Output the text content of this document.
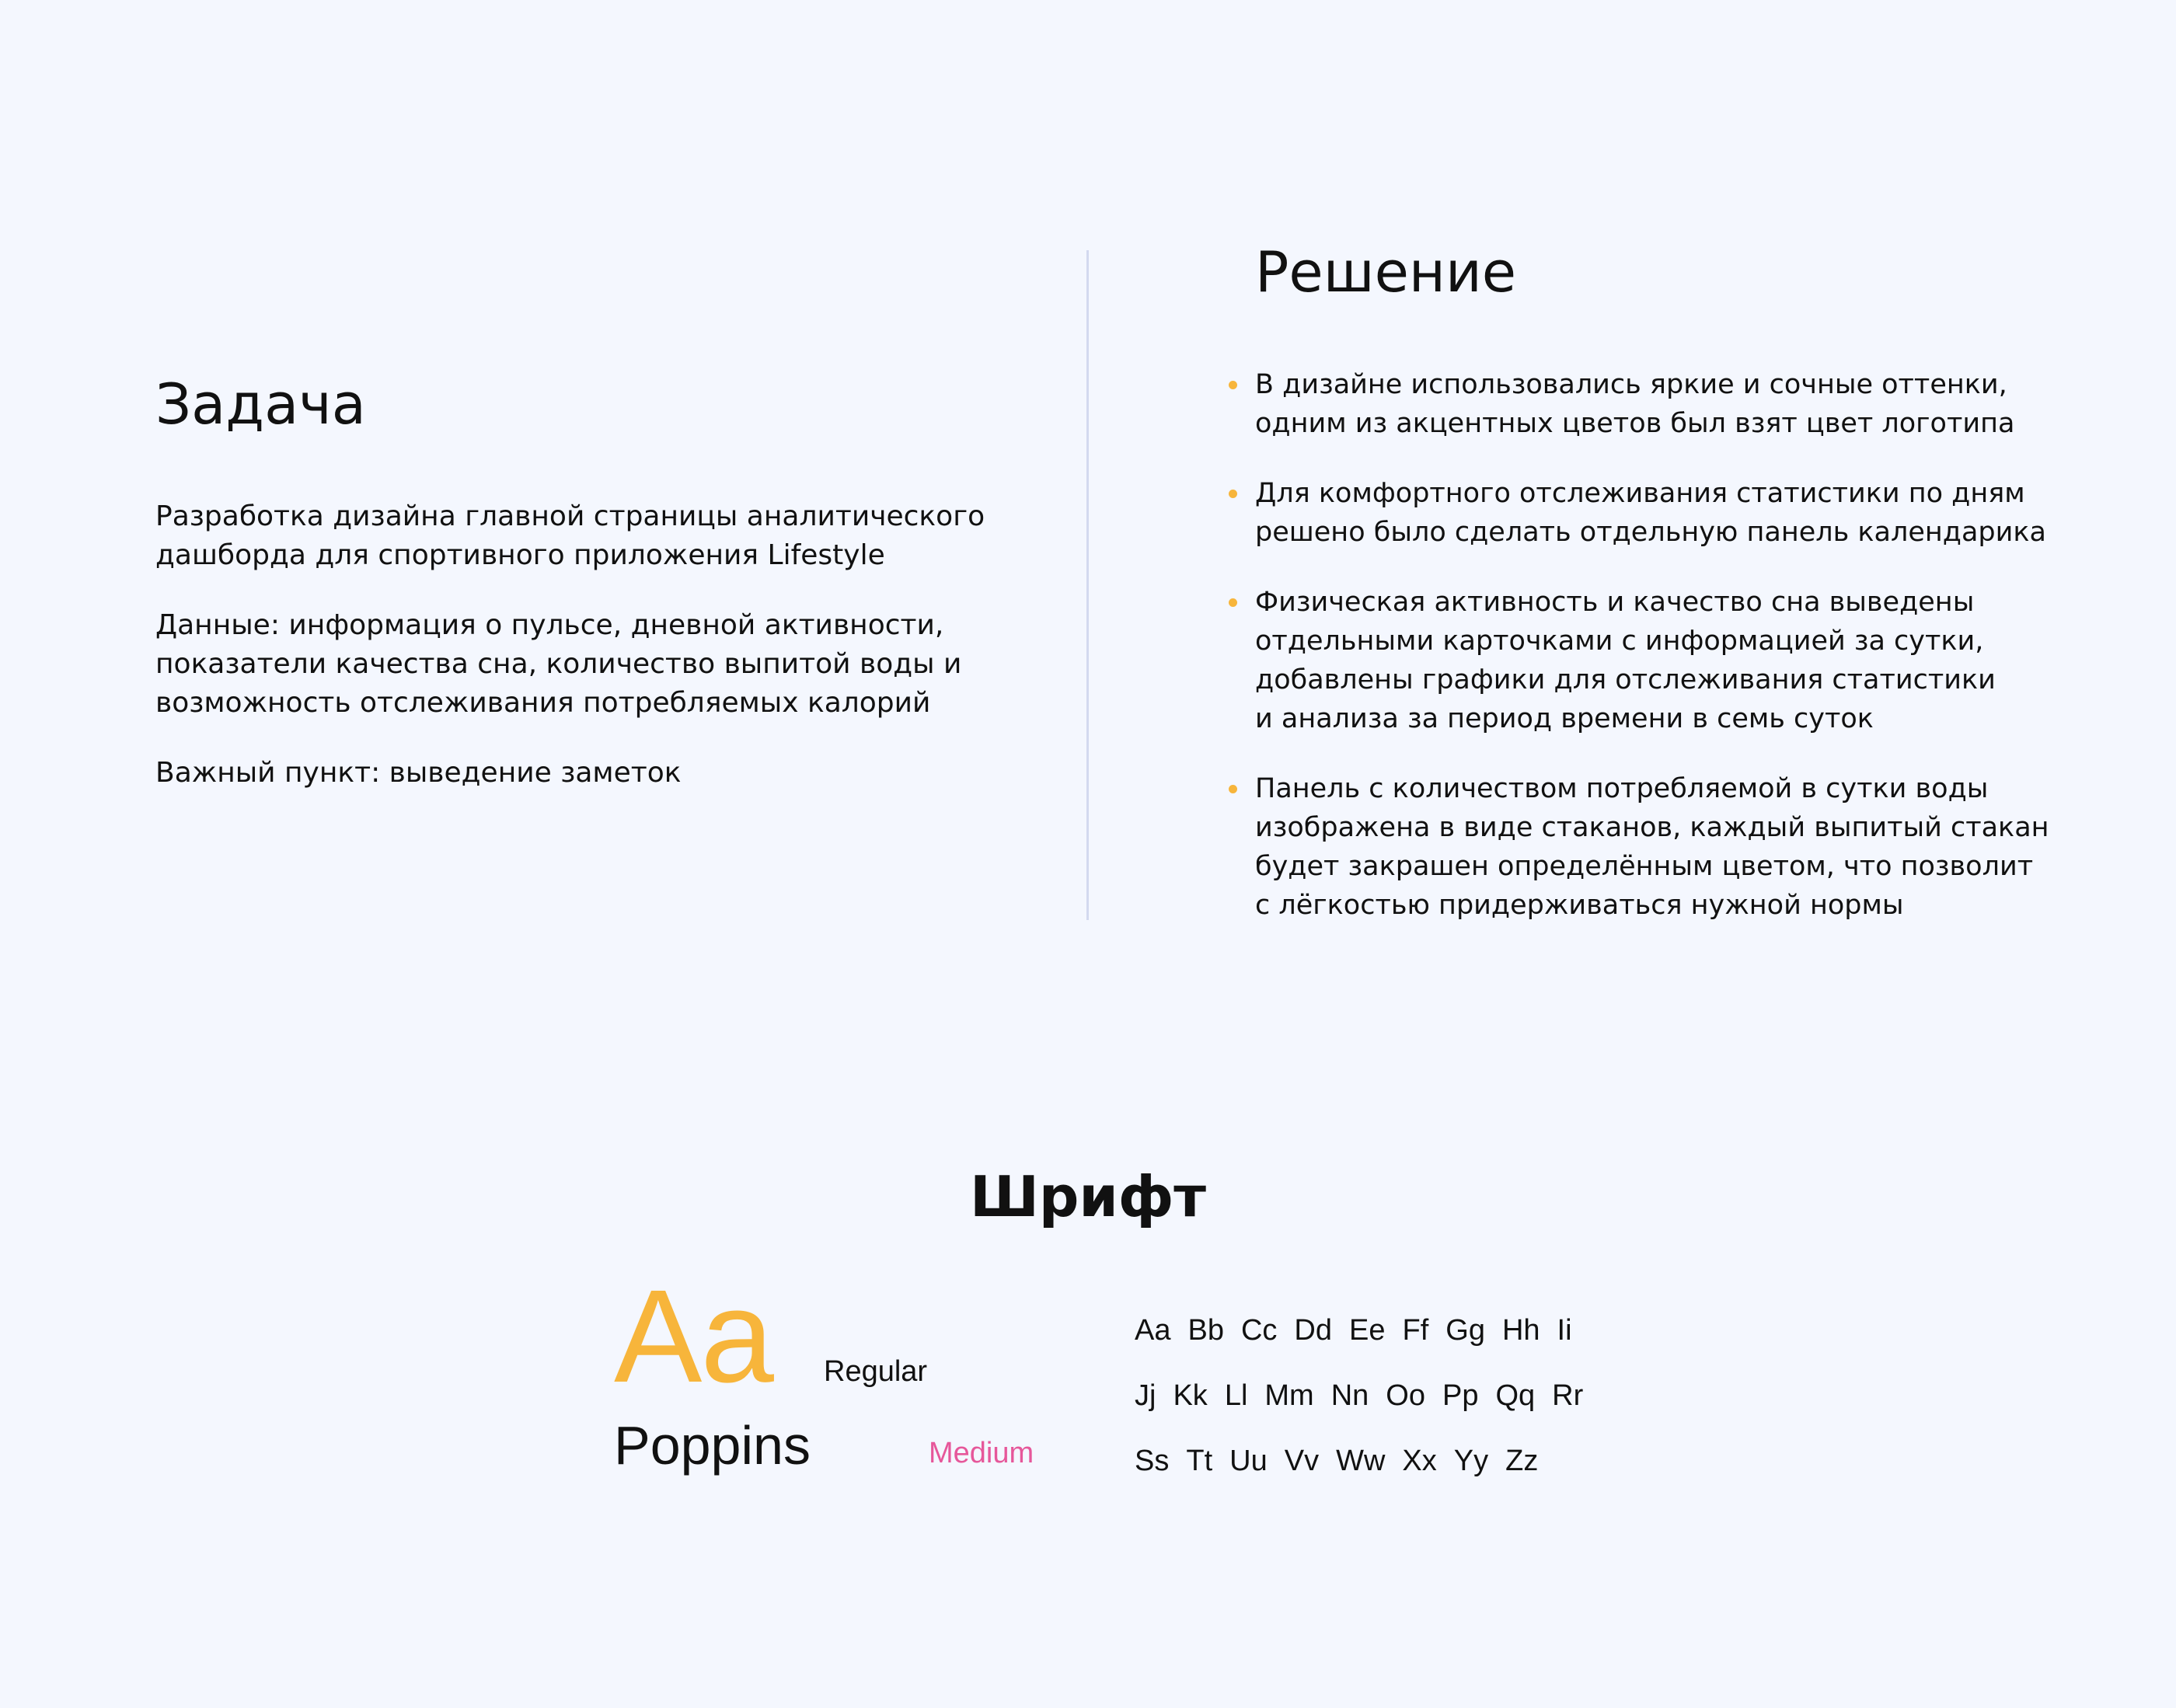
Задача

Разработка дизайна главной страницы аналитического дашборда для спортивного приложения Lifestyle

Данные: информация о пульсе, дневной активности, показатели качества сна, количество выпитой воды и возможность отслеживания потребляемых калорий

Важный пункт: выведение заметок

Решение

В дизайне использовались яркие и сочные оттенки,
одним из акцентных цветов был взят цвет логотипа

Для комфортного отслеживания статистики по дням
решено было сделать отдельную панель календарика

Физическая активность и качество сна выведены
отдельными карточками с информацией за сутки,
добавлены графики для отслеживания статистики
и анализа за период времени в семь суток

Панель с количеством потребляемой в сутки воды
изображена в виде стаканов, каждый выпитый стакан
будет закрашен определённым цветом, что позволит
с лёгкостью придерживаться нужной нормы

Шрифт
Aa Regular
Poppins	Medium
Aa Bb Cc Dd Ee Ff Gg Hh Ii
Jj Kk Ll Mm Nn Oo Pp Qq Rr
Ss Tt Uu Vv Ww Xx Yy Zz
